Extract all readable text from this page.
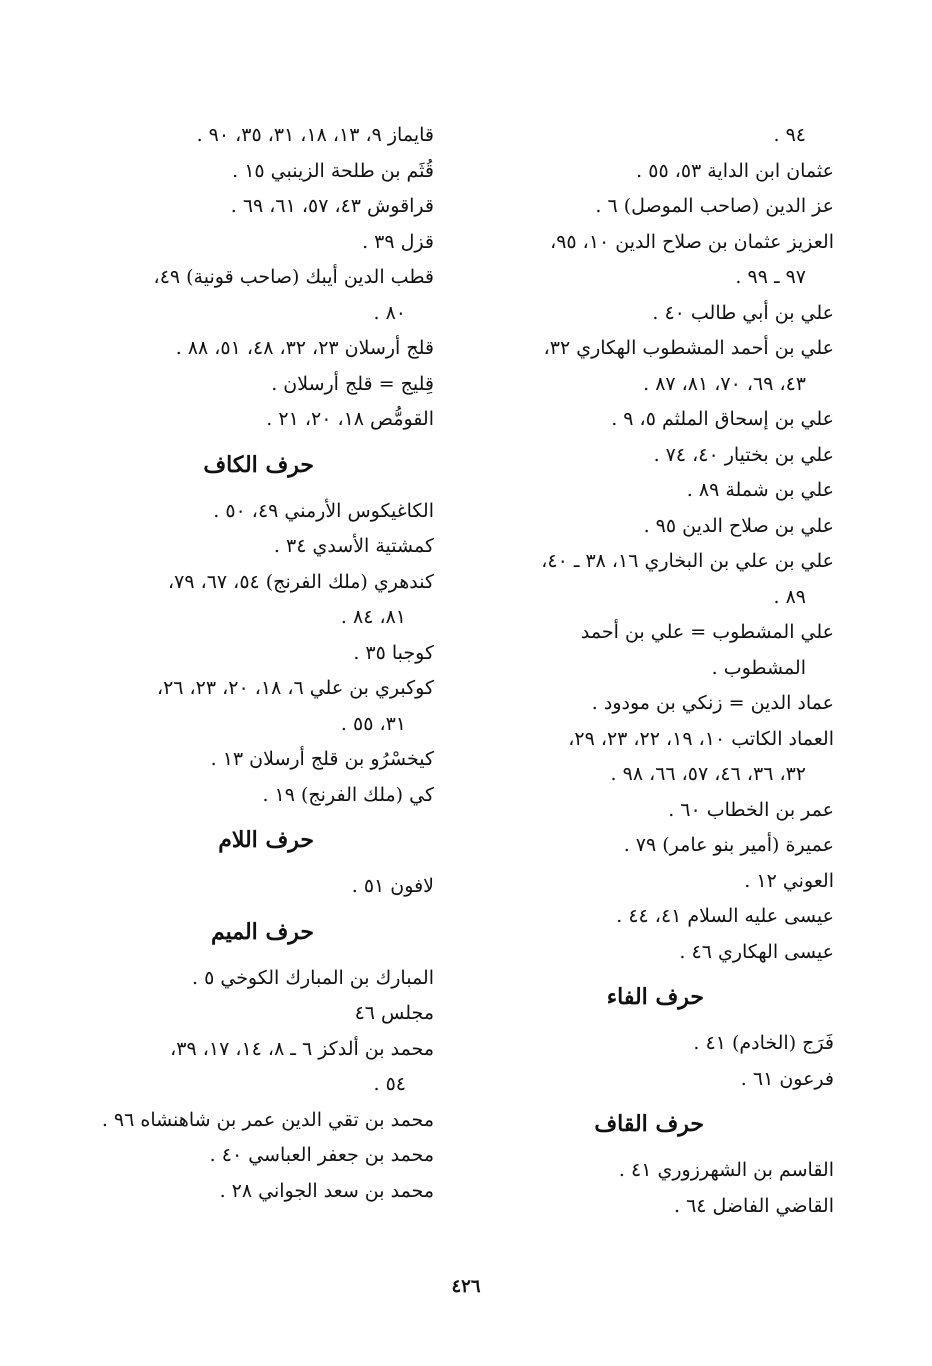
٩٤ .
عثمان ابن الداية ٥٣، ٥٥ .
عز الدين (صاحب الموصل) ٦ .
العزيز عثمان بن صلاح الدين ١٠، ٩٥،
٩٧ ـ ٩٩ .
علي بن أبي طالب ٤٠ .
علي بن أحمد المشطوب الهكاري ٣٢،
٤٣، ٦٩، ٧٠، ٨١، ٨٧ .
علي بن إسحاق الملثم ٥، ٩ .
علي بن بختيار ٤٠، ٧٤ .
علي بن شملة ٨٩ .
علي بن صلاح الدين ٩٥ .
علي بن علي بن البخاري ١٦، ٣٨ ـ ٤٠،
٨٩ .
علي المشطوب = علي بن أحمد
المشطوب .
عماد الدين = زنكي بن مودود .
العماد الكاتب ١٠، ١٩، ٢٢، ٢٣، ٢٩،
٣٢، ٣٦، ٤٦، ٥٧، ٦٦، ٩٨ .
عمر بن الخطاب ٦٠ .
عميرة (أمير بنو عامر) ٧٩ .
العوني ١٢ .
عيسى عليه السلام ٤١، ٤٤ .
عيسى الهكاري ٤٦ .
حرف الفاء
فَرَج (الخادم) ٤١ .
فرعون ٦١ .
حرف القاف
القاسم بن الشهرزوري ٤١ .
القاضي الفاضل ٦٤ .
قايماز ٩، ١٣، ١٨، ٣١، ٣٥، ٩٠ .
قُثَم بن طلحة الزينبي ١٥ .
قراقوش ٤٣، ٥٧، ٦١، ٦٩ .
قزل ٣٩ .
قطب الدين أيبك (صاحب قونية) ٤٩،
٨٠ .
قلج أرسلان ٢٣، ٣٢، ٤٨، ٥١، ٨٨ .
قِليج = قلج أرسلان .
القومُّص ١٨، ٢٠، ٢١ .
حرف الكاف
الكاغيكوس الأرمني ٤٩، ٥٠ .
كمشتية الأسدي ٣٤ .
كندهري (ملك الفرنج) ٥٤، ٦٧، ٧٩،
٨١، ٨٤ .
كوجبا ٣٥ .
كوكبري بن علي ٦، ١٨، ٢٠، ٢٣، ٢٦،
٣١، ٥٥ .
كيخسْرُو بن قلج أرسلان ١٣ .
كي (ملك الفرنج) ١٩ .
حرف اللام
لافون ٥١ .
حرف الميم
المبارك بن المبارك الكوخي ٥ .
مجلس ٤٦
محمد بن ألدكز ٦ ـ ٨، ١٤، ١٧، ٣٩،
٥٤ .
محمد بن تقي الدين عمر بن شاهنشاه ٩٦ .
محمد بن جعفر العباسي ٤٠ .
محمد بن سعد الجواني ٢٨ .
٤٢٦
